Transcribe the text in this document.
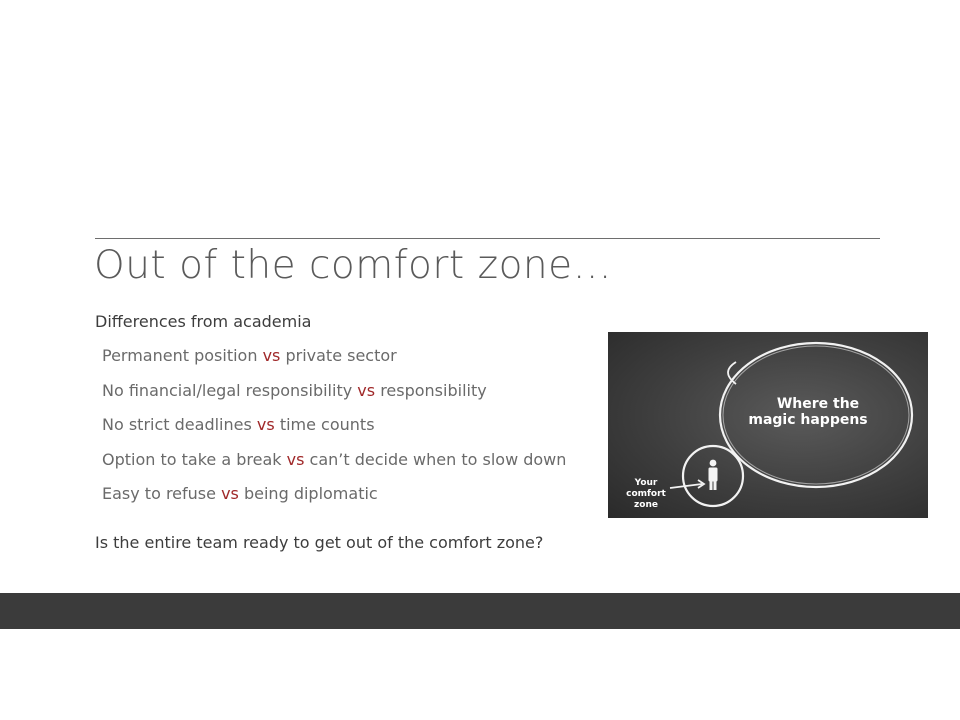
Out of the comfort zone…
Differences from academia
Permanent position vs private sector
No financial/legal responsibility vs responsibility
No strict deadlines vs time counts
Option to take a break vs can’t decide when to slow down
Easy to refuse vs being diplomatic
Is the entire team ready to get out of the comfort zone?
Where the
magic happens
Your
comfort
zone
